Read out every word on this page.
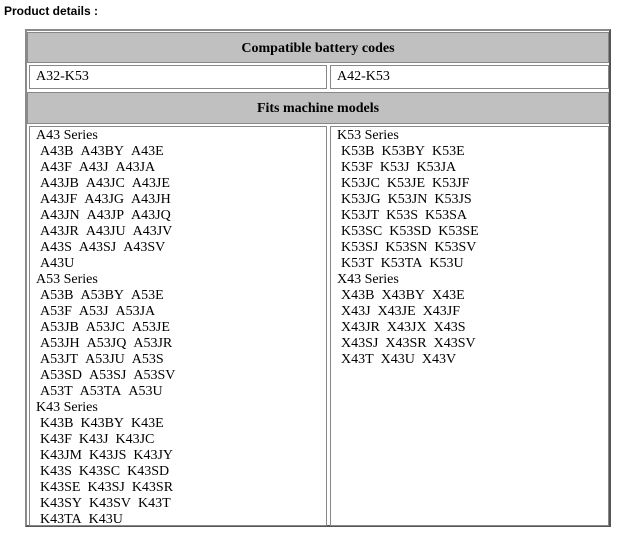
Product details :
Compatible battery codes
A32-K53	A42-K53
Fits machine models
A43 Series
A43B A43BY A43E
A43F A43J A43JA
A43JB A43JC A43JE
A43JF A43JG A43JH
A43JN A43JP A43JQ
A43JR A43JU A43JV
A43S A43SJ A43SV
A43U
A53 Series
A53B A53BY A53E
A53F A53J A53JA
A53JB A53JC A53JE
A53JH A53JQ A53JR
A53JT A53JU A53S
A53SD A53SJ A53SV
A53T A53TA A53U
K43 Series
K43B K43BY K43E
K43F K43J K43JC
K43JM K43JS K43JY
K43S K43SC K43SD
K43SE K43SJ K43SR
K43SY K43SV K43T
K43TA K43U
K53 Series
K53B K53BY K53E
K53F K53J K53JA
K53JC K53JE K53JF
K53JG K53JN K53JS
K53JT K53S K53SA
K53SC K53SD K53SE
K53SJ K53SN K53SV
K53T K53TA K53U
X43 Series
X43B X43BY X43E
X43J X43JE X43JF
X43JR X43JX X43S
X43SJ X43SR X43SV
X43T X43U X43V
